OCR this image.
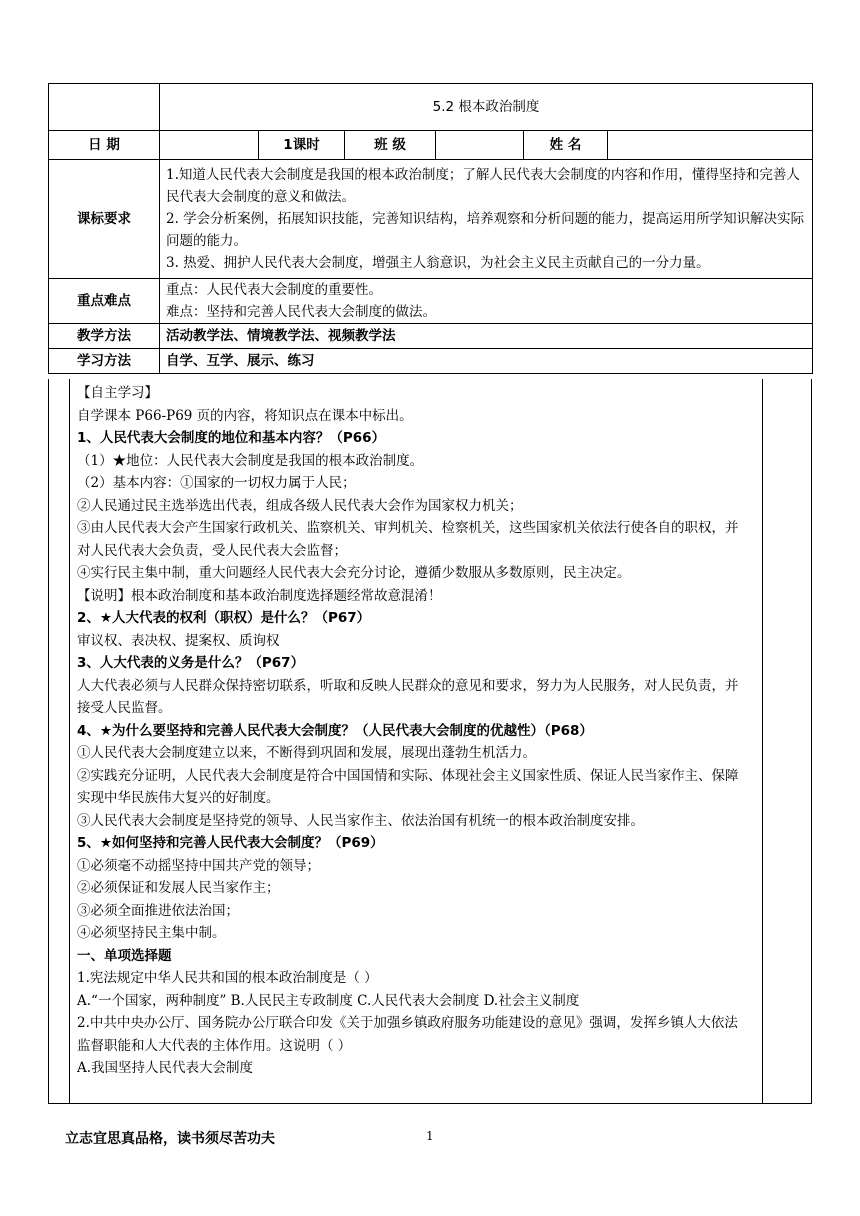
	5.2 根本政治制度					
日 期		1课时	班 级		姓 名	
课标要求	1.知道人民代表大会制度是我国的根本政治制度；了解人民代表大会制度的内容和作用，懂得坚持和完善人民代表大会制度的意义和做法。
2. 学会分析案例，拓展知识技能，完善知识结构，培养观察和分析问题的能力，提高运用所学知识解决实际问题的能力。
3. 热爱、拥护人民代表大会制度，增强主人翁意识，为社会主义民主贡献自己的一分力量。					

重点难点	重点：人民代表大会制度的重要性。
难点：坚持和完善人民代表大会制度的做法。					

教学方法	活动教学法、情境教学法、视频教学法					
学习方法	自学、互学、展示、练习					

【自主学习】

自学课本 P66-P69 页的内容，将知识点在课本中标出。

1、人民代表大会制度的地位和基本内容？（P66）

（1）★地位：人民代表大会制度是我国的根本政治制度。

（2）基本内容：①国家的一切权力属于人民；

②人民通过民主选举选出代表，组成各级人民代表大会作为国家权力机关；

③由人民代表大会产生国家行政机关、监察机关、审判机关、检察机关，这些国家机关依法行使各自的职权，并对人民代表大会负责，受人民代表大会监督；

④实行民主集中制，重大问题经人民代表大会充分讨论，遵循少数服从多数原则，民主决定。

【说明】根本政治制度和基本政治制度选择题经常故意混淆！

2、★人大代表的权利（职权）是什么？（P67）

审议权、表决权、提案权、质询权

3、人大代表的义务是什么？（P67）

人大代表必须与人民群众保持密切联系，听取和反映人民群众的意见和要求，努力为人民服务，对人民负责，并接受人民监督。

4、★为什么要坚持和完善人民代表大会制度？（人民代表大会制度的优越性）（P68）

①人民代表大会制度建立以来，不断得到巩固和发展，展现出蓬勃生机活力。

②实践充分证明，人民代表大会制度是符合中国国情和实际、体现社会主义国家性质、保证人民当家作主、保障实现中华民族伟大复兴的好制度。

③人民代表大会制度是坚持党的领导、人民当家作主、依法治国有机统一的根本政治制度安排。

5、★如何坚持和完善人民代表大会制度？（P69）

①必须毫不动摇坚持中国共产党的领导；

②必须保证和发展人民当家作主；

③必须全面推进依法治国；

④必须坚持民主集中制。

一、单项选择题

1.宪法规定中华人民共和国的根本政治制度是（ ）

A.“一个国家，两种制度” B.人民民主专政制度 C.人民代表大会制度 D.社会主义制度

2.中共中央办公厅、国务院办公厅联合印发《关于加强乡镇政府服务功能建设的意见》强调，发挥乡镇人大依法监督职能和人大代表的主体作用。这说明（ ）

A.我国坚持人民代表大会制度

立志宜思真品格，读书须尽苦功夫	1
